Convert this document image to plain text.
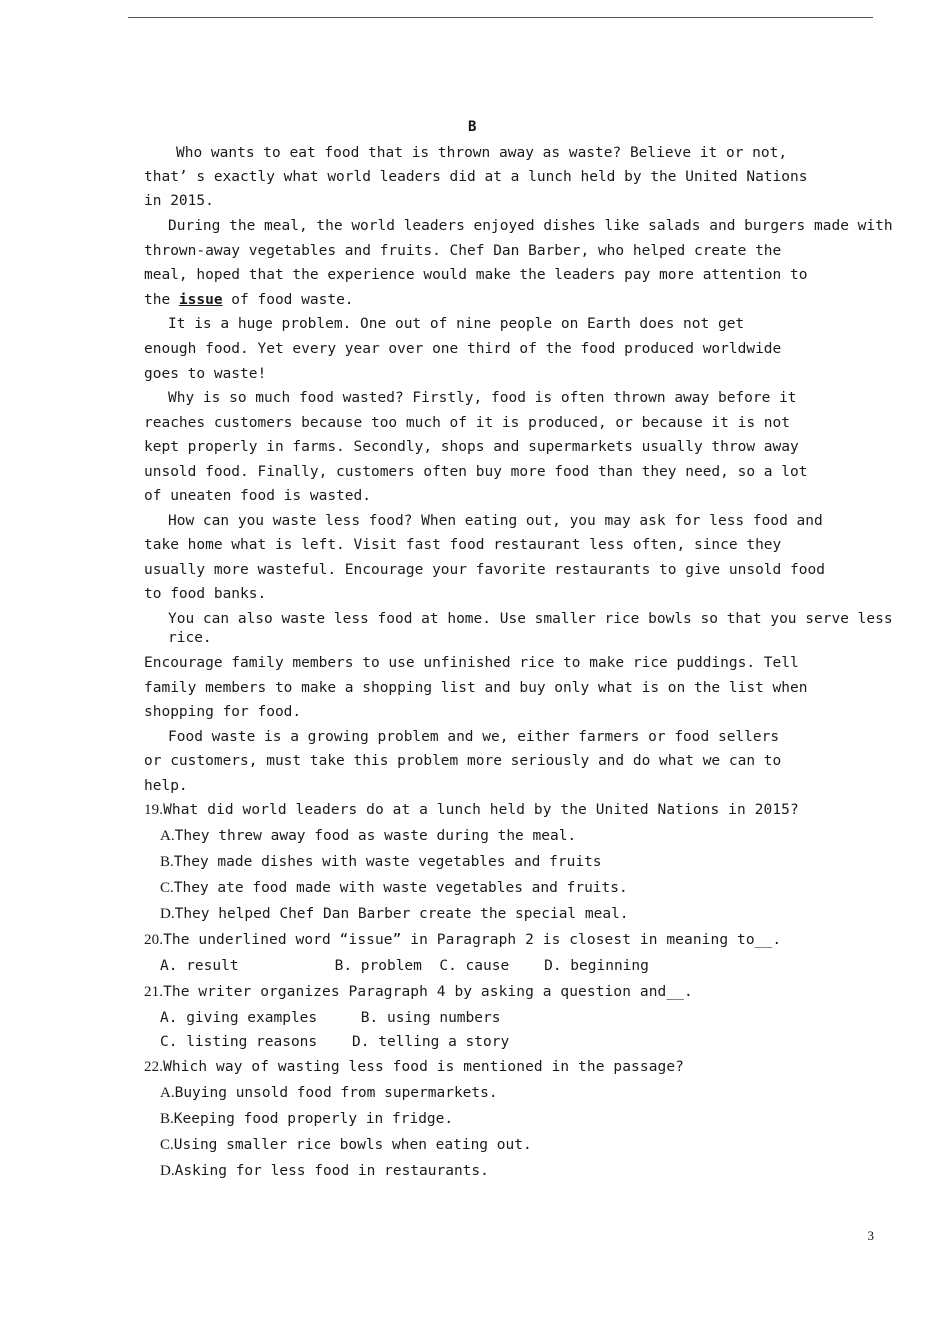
B
Who wants to eat food that is thrown away as waste? Believe it or not,
that’ s exactly what world leaders did at a lunch held by the United Nations
in 2015.
During the meal, the world leaders enjoyed dishes like salads and burgers made with
thrown-away vegetables and fruits. Chef Dan Barber, who helped create the
meal, hoped that the experience would make the leaders pay more attention to
the issue of food waste.
It is a huge problem. One out of nine people on Earth does not get
enough food. Yet every year over one third of the food produced worldwide
goes to waste!
Why is so much food wasted? Firstly, food is often thrown away before it
reaches customers because too much of it is produced, or because it is not
kept properly in farms. Secondly, shops and supermarkets usually throw away
unsold food. Finally, customers often buy more food than they need, so a lot
of uneaten food is wasted.
How can you waste less food? When eating out, you may ask for less food and
take home what is left. Visit fast food restaurant less often, since they
usually more wasteful. Encourage your favorite restaurants to give unsold food
to food banks.
You can also waste less food at home. Use smaller rice bowls so that you serve less
rice.
Encourage family members to use unfinished rice to make rice puddings. Tell
family members to make a shopping list and buy only what is on the list when
shopping for food.
Food waste is a growing problem and we, either farmers or food sellers
or customers, must take this problem more seriously and do what we can to
help.
19.What did world leaders do at a lunch held by the United Nations in 2015?
A.They threw away food as waste during the meal.
B.They made dishes with waste vegetables and fruits
C.They ate food made with waste vegetables and fruits.
D.They helped Chef Dan Barber create the special meal.
20.The underlined word “issue” in Paragraph 2 is closest in meaning to__.
A. result           B. problem  C. cause    D. beginning
21.The writer organizes Paragraph 4 by asking a question and__.
A. giving examples     B. using numbers
C. listing reasons    D. telling a story
22.Which way of wasting less food is mentioned in the passage?
A.Buying unsold food from supermarkets.
B.Keeping food properly in fridge.
C.Using smaller rice bowls when eating out.
D.Asking for less food in restaurants.
3
